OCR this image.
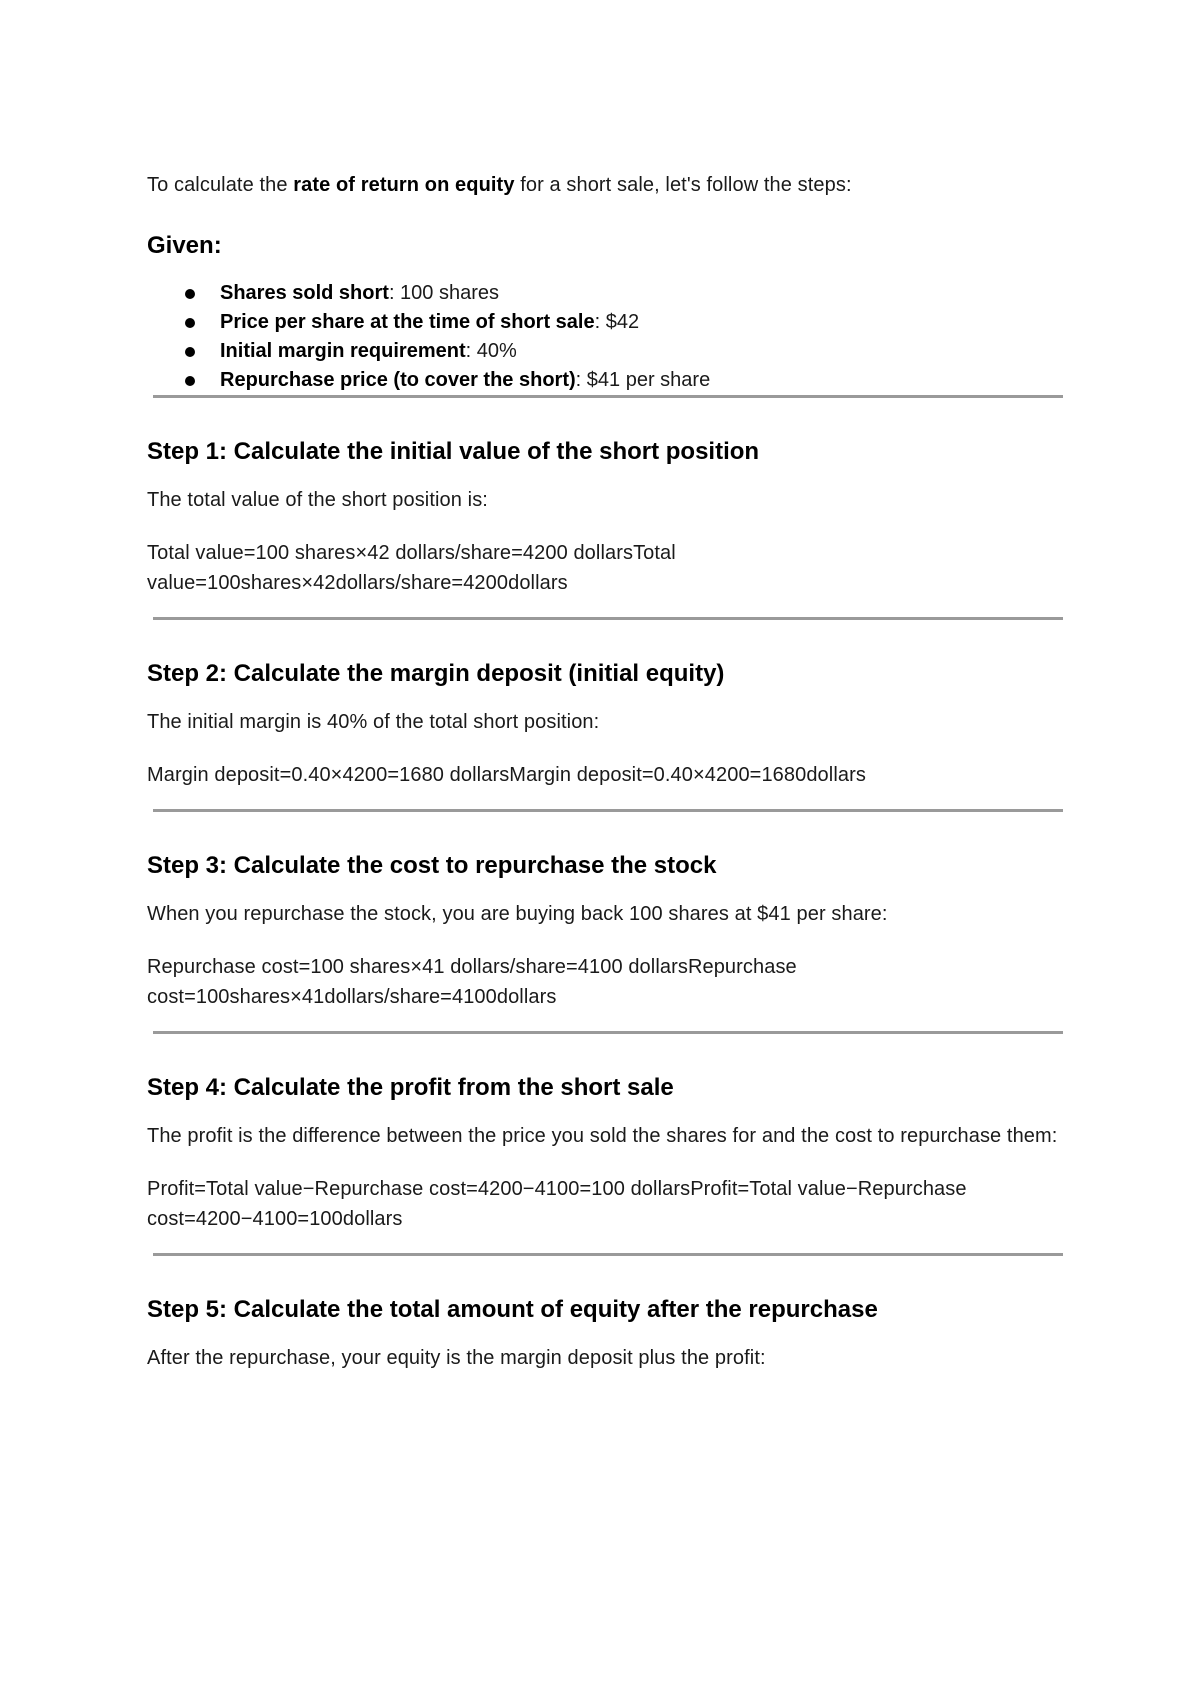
To calculate the rate of return on equity for a short sale, let's follow the steps:

Given:
Shares sold short: 100 shares
Price per share at the time of short sale: $42
Initial margin requirement: 40%
Repurchase price (to cover the short): $41 per share
Step 1: Calculate the initial value of the short position

The total value of the short position is:

Total value=100 shares×42 dollars/share=4200 dollarsTotal value=100shares×42dollars/share=4200dollars

Step 2: Calculate the margin deposit (initial equity)

The initial margin is 40% of the total short position:

Margin deposit=0.40×4200=1680 dollarsMargin deposit=0.40×4200=1680dollars

Step 3: Calculate the cost to repurchase the stock

When you repurchase the stock, you are buying back 100 shares at $41 per share:

Repurchase cost=100 shares×41 dollars/share=4100 dollarsRepurchase cost=100shares×41dollars/share=4100dollars

Step 4: Calculate the profit from the short sale

The profit is the difference between the price you sold the shares for and the cost to repurchase them:

Profit=Total value−Repurchase cost=4200−4100=100 dollarsProfit=Total value−Repurchase cost=4200−4100=100dollars

Step 5: Calculate the total amount of equity after the repurchase

After the repurchase, your equity is the margin deposit plus the profit:
